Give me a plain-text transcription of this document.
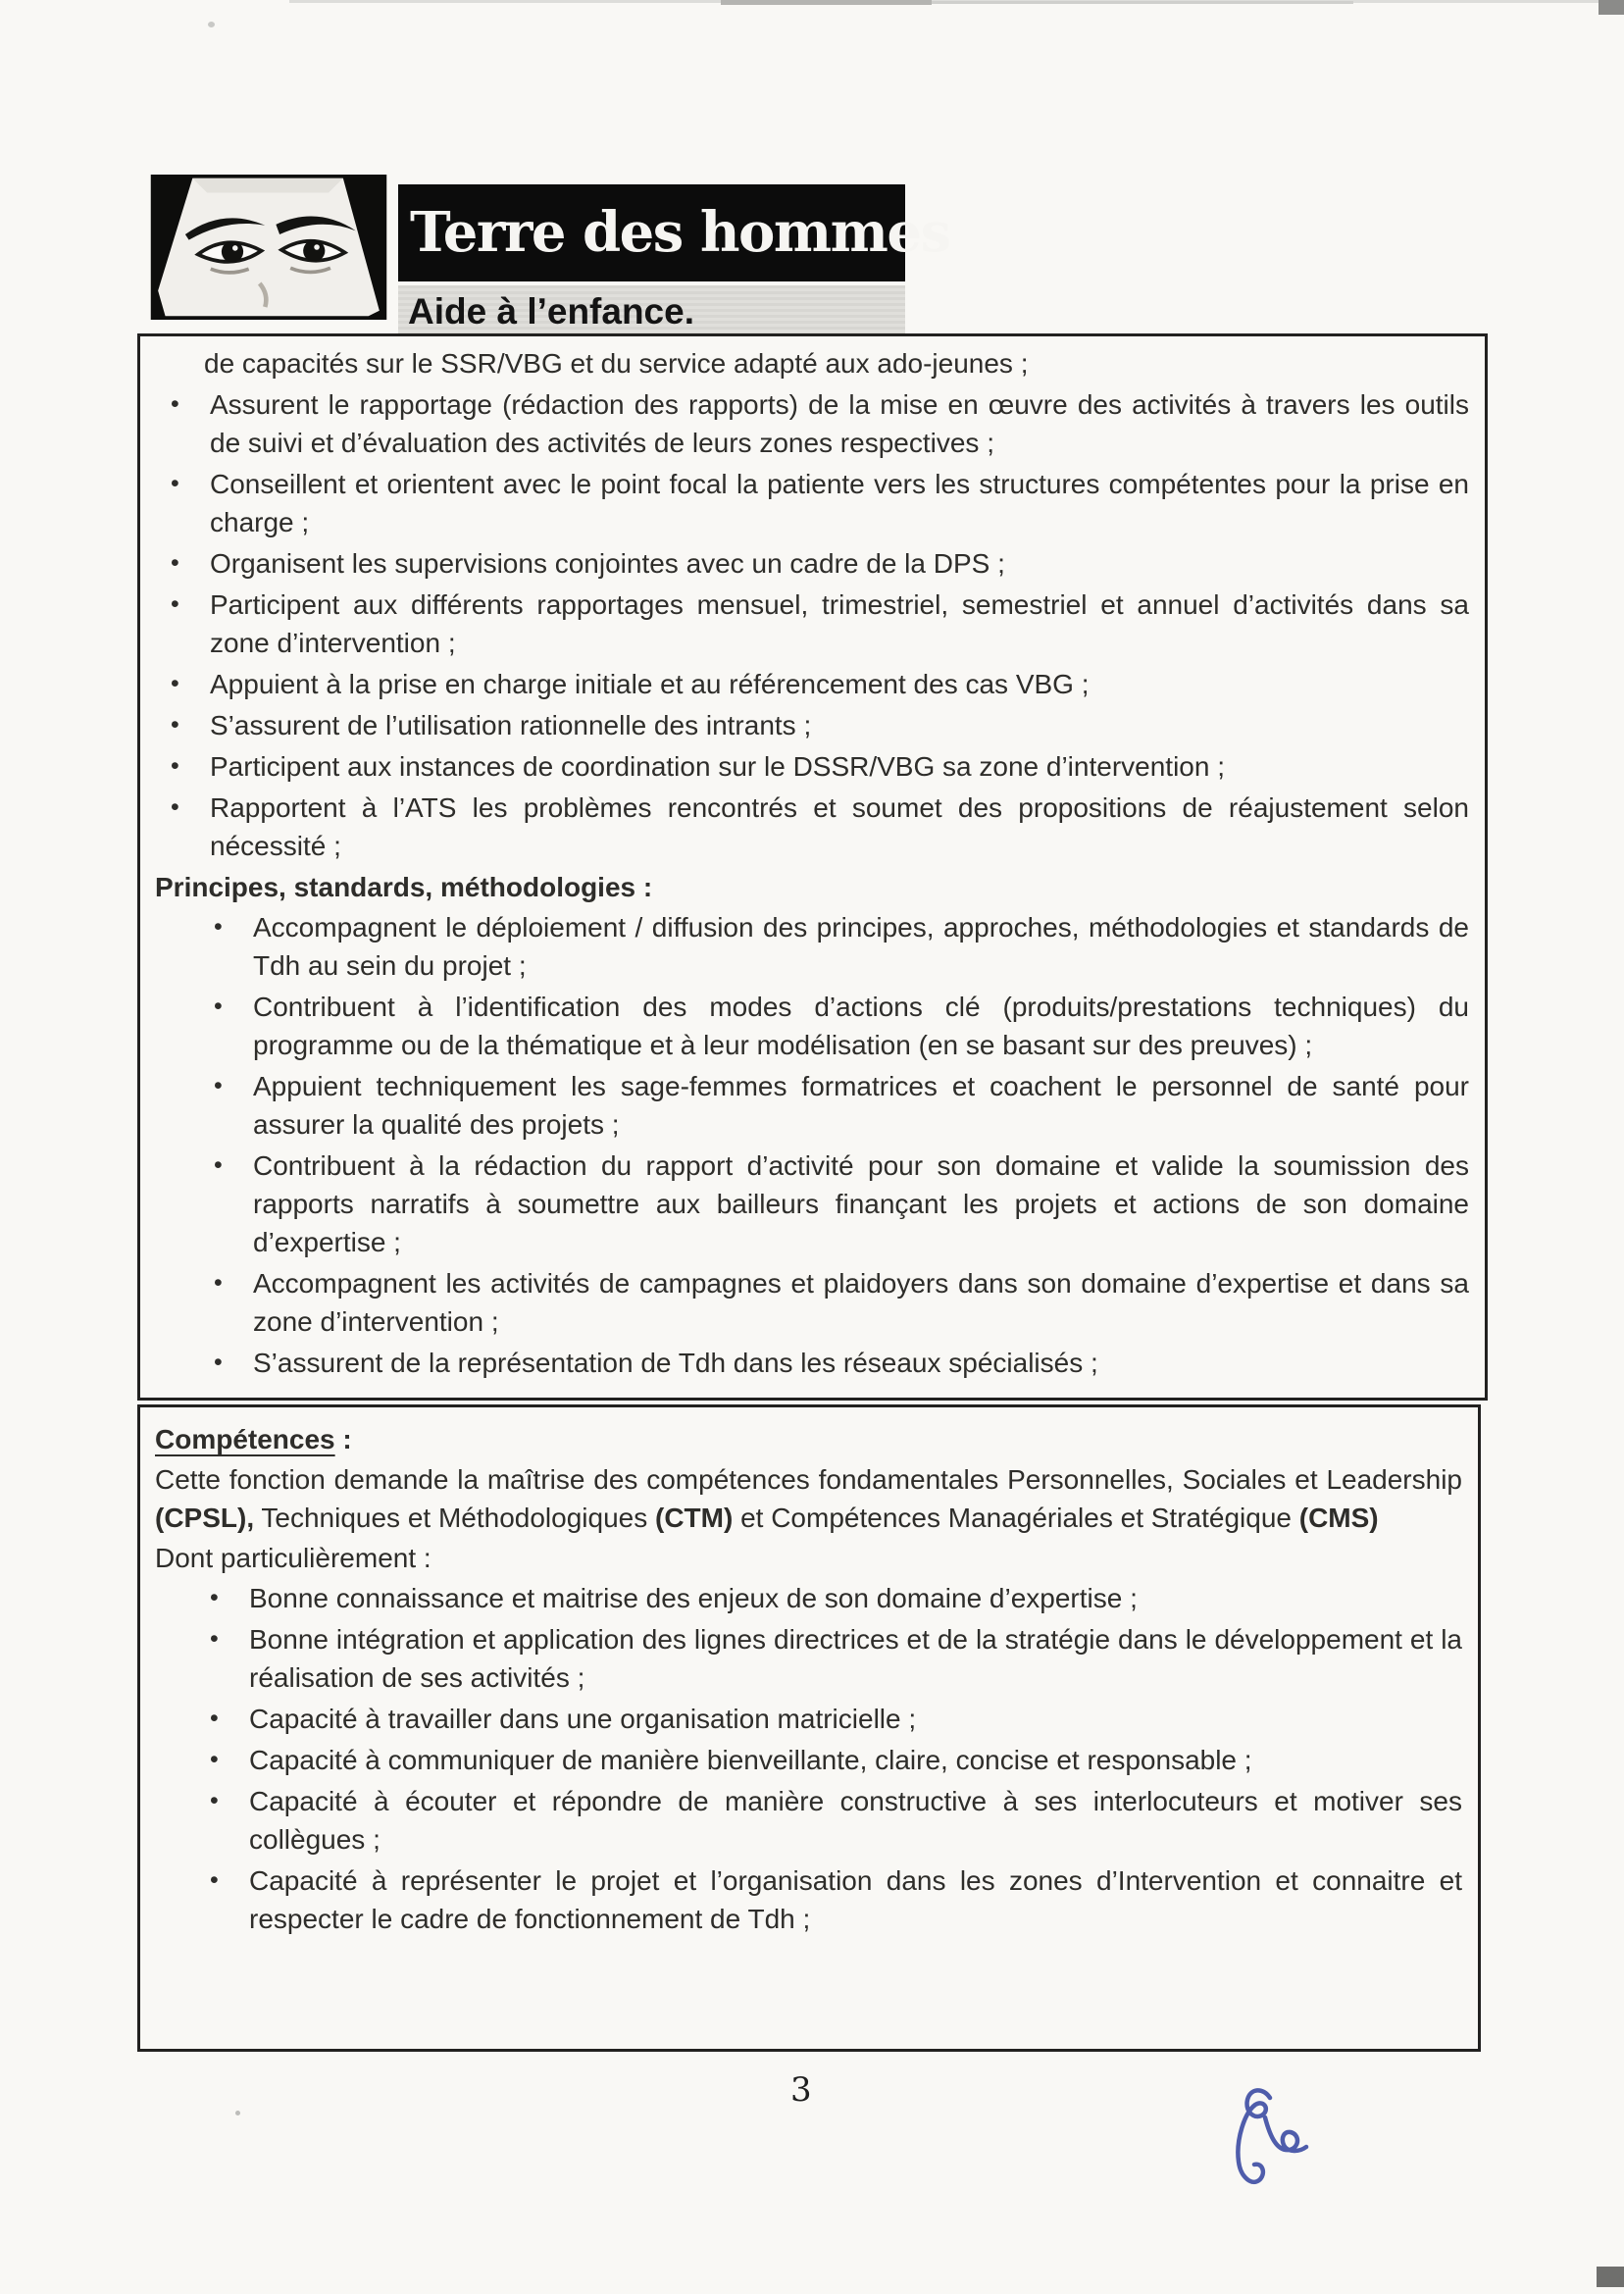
Terre des hommes
Aide à l’enfance.
de capacités sur le SSR/VBG et du service adapté aux ado-jeunes ;
•	Assurent le rapportage (rédaction des rapports) de la mise en œuvre des activités à travers les outils de suivi et d’évaluation des activités de leurs zones respectives ;
•	Conseillent et orientent avec le point focal la patiente vers les structures compétentes pour la prise en charge ;
•	Organisent les supervisions conjointes avec un cadre de la DPS ;
•	Participent aux différents rapportages mensuel, trimestriel, semestriel et annuel d’activités dans sa zone d’intervention ;
•	Appuient à la prise en charge initiale et au référencement des cas VBG ;
•	S’assurent de l’utilisation rationnelle des intrants ;
•	Participent aux instances de coordination sur le DSSR/VBG sa zone d’intervention ;
•	Rapportent à l’ATS les problèmes rencontrés et soumet des propositions de réajustement selon nécessité ;
Principes, standards, méthodologies :
•	Accompagnent le déploiement / diffusion des principes, approches, méthodologies et standards de Tdh au sein du projet ;
•	Contribuent à l’identification des modes d’actions clé (produits/prestations techniques) du programme ou de la thématique et à leur modélisation (en se basant sur des preuves) ;
•	Appuient techniquement les sage-femmes formatrices et coachent le personnel de santé pour assurer la qualité des projets ;
•	Contribuent à la rédaction du rapport d’activité pour son domaine et valide la soumission des rapports narratifs à soumettre aux bailleurs finançant les projets et actions de son domaine d’expertise ;
•	Accompagnent les activités de campagnes et plaidoyers dans son domaine d’expertise et dans sa zone d’intervention ;
•	S’assurent de la représentation de Tdh dans les réseaux spécialisés ;
Compétences :
Cette fonction demande la maîtrise des compétences fondamentales Personnelles, Sociales et Leadership (CPSL), Techniques et Méthodologiques (CTM) et Compétences Managériales et Stratégique (CMS)
Dont particulièrement :
•	Bonne connaissance et maitrise des enjeux de son domaine d’expertise ;
•	Bonne intégration et application des lignes directrices et de la stratégie dans le développement et la réalisation de ses activités ;
•	Capacité à travailler dans une organisation matricielle ;
•	Capacité à communiquer de manière bienveillante, claire, concise et responsable ;
•	Capacité à écouter et répondre de manière constructive à ses interlocuteurs et motiver ses collègues ;
•	Capacité à représenter le projet et l’organisation dans les zones d’Intervention et connaitre et respecter le cadre de fonctionnement de Tdh ;
3
